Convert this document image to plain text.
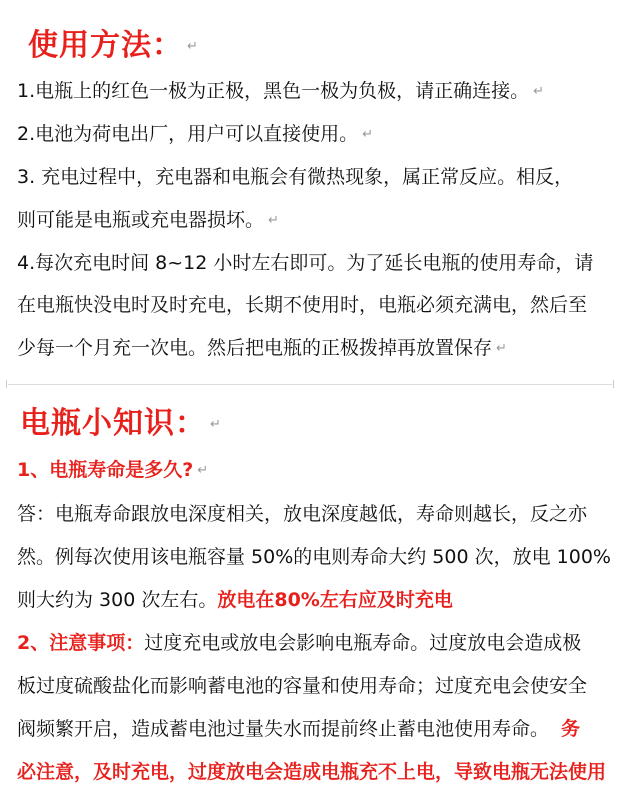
使用方法： ↵
1.电瓶上的红色一极为正极，黑色一极为负极，请正确连接。 ↵
2.电池为荷电出厂，用户可以直接使用。 ↵
3. 充电过程中，充电器和电瓶会有微热现象，属正常反应。相反，
则可能是电瓶或充电器损坏。 ↵
4.每次充电时间 8~12 小时左右即可。为了延长电瓶的使用寿命，请
在电瓶快没电时及时充电，长期不使用时，电瓶必须充满电，然后至
少每一个月充一次电。然后把电瓶的正极拨掉再放置保存 ↵
电瓶小知识： ↵
1、电瓶寿命是多久? ↵
答：电瓶寿命跟放电深度相关，放电深度越低，寿命则越长，反之亦
然。例每次使用该电瓶容量 50%的电则寿命大约 500 次，放电 100%
则大约为 300 次左右。放电在80%左右应及时充电
2、注意事项：过度充电或放电会影响电瓶寿命。过度放电会造成极
板过度硫酸盐化而影响蓄电池的容量和使用寿命；过度充电会使安全
阀频繁开启，造成蓄电池过量失水而提前终止蓄电池使用寿命。 务
必注意，及时充电，过度放电会造成电瓶充不上电，导致电瓶无法使用
